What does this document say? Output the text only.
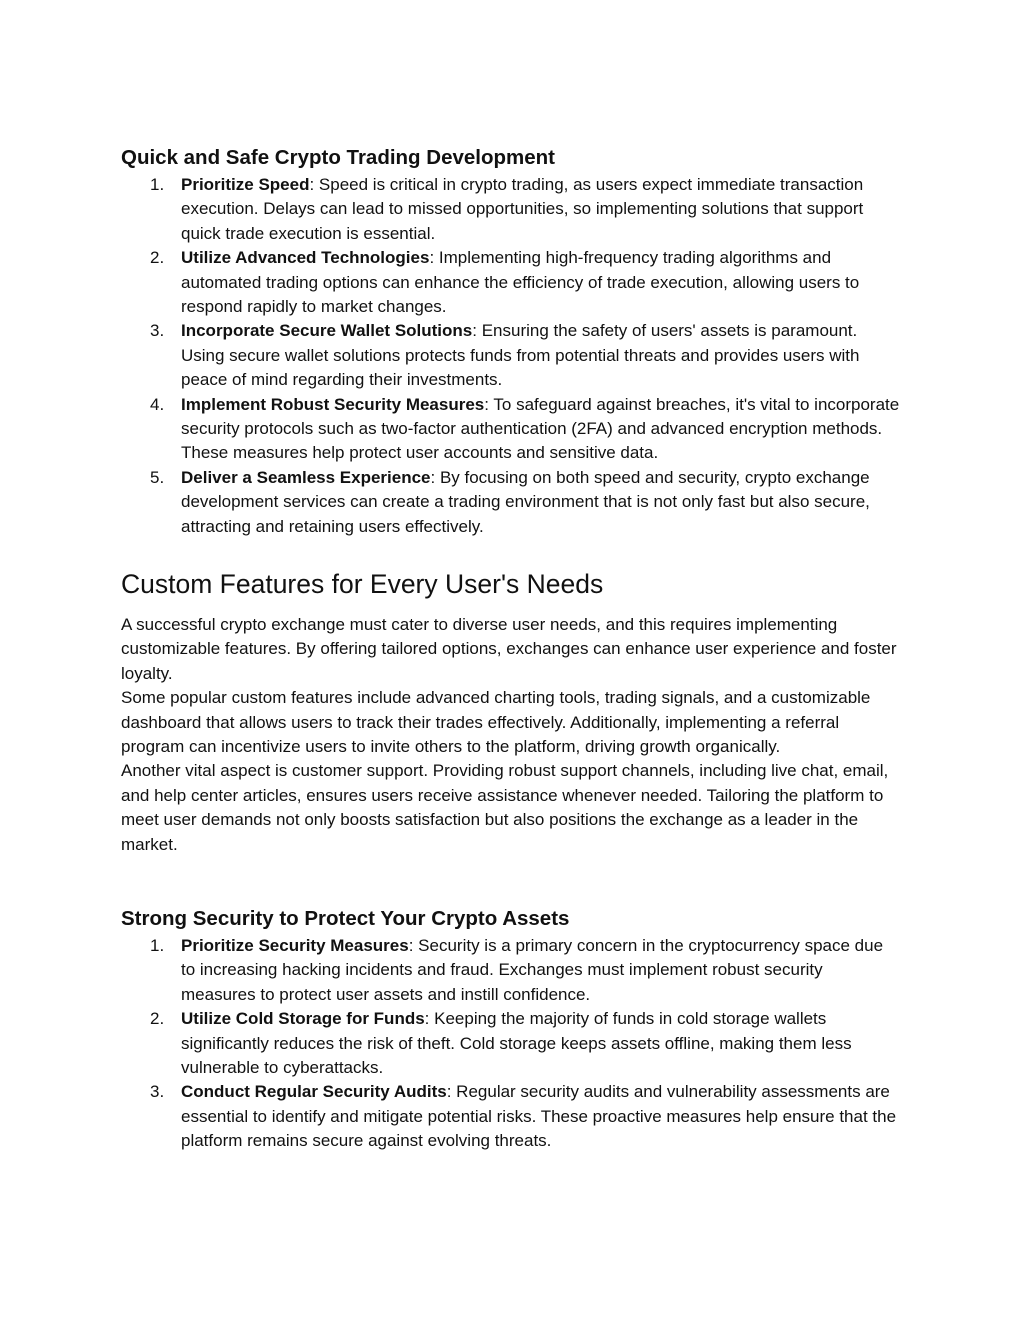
Quick and Safe Crypto Trading Development
1. Prioritize Speed: Speed is critical in crypto trading, as users expect immediate transaction execution. Delays can lead to missed opportunities, so implementing solutions that support quick trade execution is essential.
2. Utilize Advanced Technologies: Implementing high-frequency trading algorithms and automated trading options can enhance the efficiency of trade execution, allowing users to respond rapidly to market changes.
3. Incorporate Secure Wallet Solutions: Ensuring the safety of users' assets is paramount. Using secure wallet solutions protects funds from potential threats and provides users with peace of mind regarding their investments.
4. Implement Robust Security Measures: To safeguard against breaches, it's vital to incorporate security protocols such as two-factor authentication (2FA) and advanced encryption methods. These measures help protect user accounts and sensitive data.
5. Deliver a Seamless Experience: By focusing on both speed and security, crypto exchange development services can create a trading environment that is not only fast but also secure, attracting and retaining users effectively.
Custom Features for Every User's Needs

A successful crypto exchange must cater to diverse user needs, and this requires implementing customizable features. By offering tailored options, exchanges can enhance user experience and foster loyalty.

Some popular custom features include advanced charting tools, trading signals, and a customizable dashboard that allows users to track their trades effectively. Additionally, implementing a referral program can incentivize users to invite others to the platform, driving growth organically.

Another vital aspect is customer support. Providing robust support channels, including live chat, email, and help center articles, ensures users receive assistance whenever needed. Tailoring the platform to meet user demands not only boosts satisfaction but also positions the exchange as a leader in the market.

Strong Security to Protect Your Crypto Assets
1. Prioritize Security Measures: Security is a primary concern in the cryptocurrency space due to increasing hacking incidents and fraud. Exchanges must implement robust security measures to protect user assets and instill confidence.
2. Utilize Cold Storage for Funds: Keeping the majority of funds in cold storage wallets significantly reduces the risk of theft. Cold storage keeps assets offline, making them less vulnerable to cyberattacks.
3. Conduct Regular Security Audits: Regular security audits and vulnerability assessments are essential to identify and mitigate potential risks. These proactive measures help ensure that the platform remains secure against evolving threats.
